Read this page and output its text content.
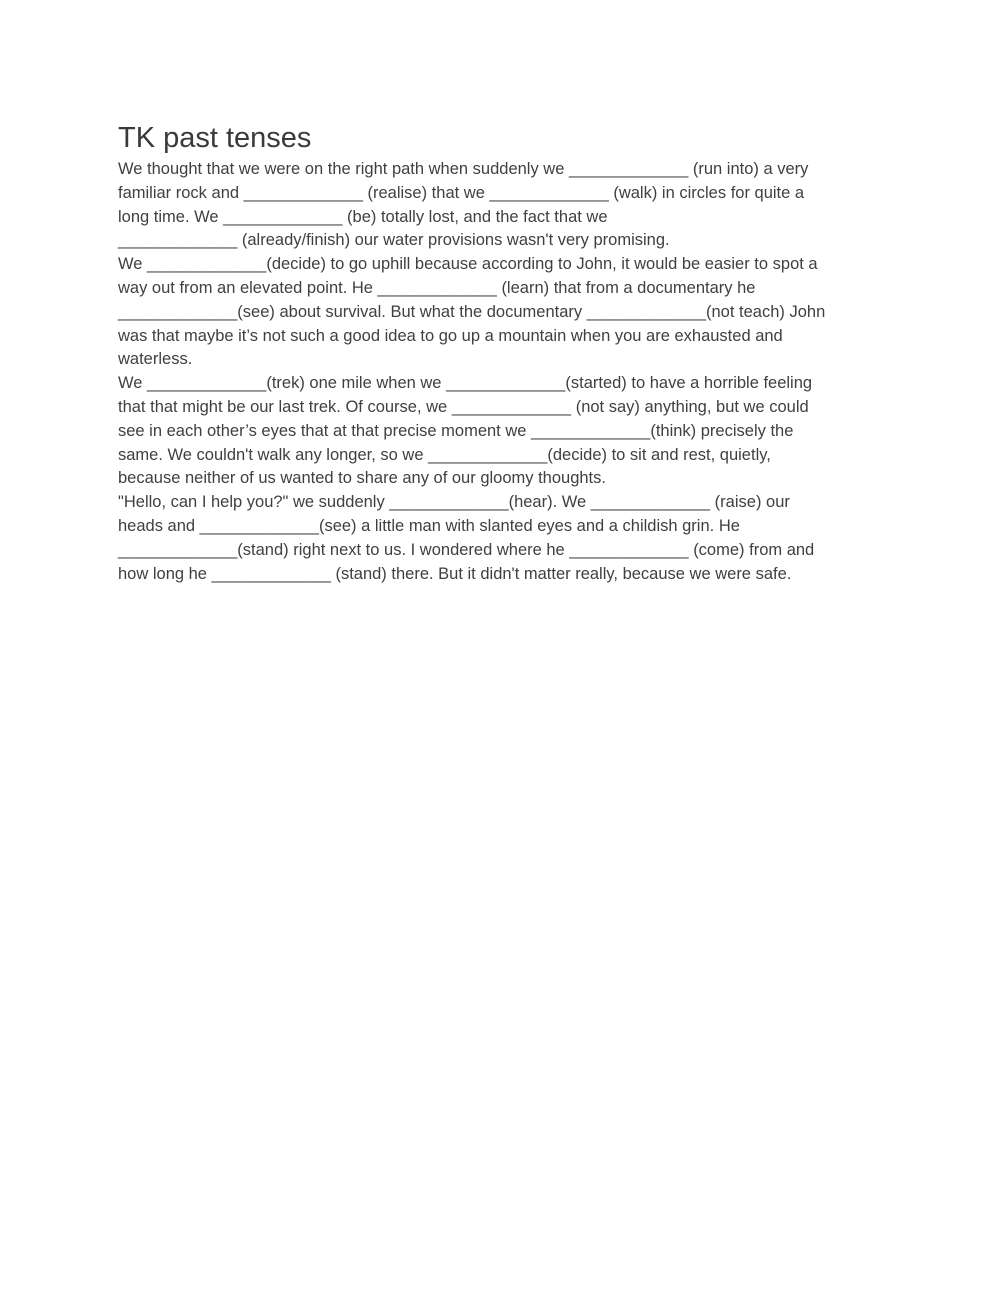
TK past tenses

We thought that we were on the right path when suddenly we _____________ (run into) a very

familiar rock and _____________ (realise) that we _____________ (walk) in circles for quite a

long time. We _____________ (be) totally lost, and the fact that we

_____________ (already/finish) our water provisions wasn't very promising.

We _____________(decide) to go uphill because according to John, it would be easier to spot a

way out from an elevated point. He _____________ (learn) that from a documentary he

_____________(see) about survival. But what the documentary _____________(not teach) John

was that maybe it’s not such a good idea to go up a mountain when you are exhausted and

waterless.

We _____________(trek) one mile when we _____________(started) to have a horrible feeling

that that might be our last trek. Of course, we _____________ (not say) anything, but we could

see in each other’s eyes that at that precise moment we _____________(think) precisely the

same. We couldn't walk any longer, so we _____________(decide) to sit and rest, quietly,

because neither of us wanted to share any of our gloomy thoughts.

"Hello, can I help you?" we suddenly _____________(hear). We _____________ (raise) our

heads and _____________(see) a little man with slanted eyes and a childish grin. He

_____________(stand) right next to us. I wondered where he _____________ (come) from and

how long he _____________ (stand) there. But it didn't matter really, because we were safe.
